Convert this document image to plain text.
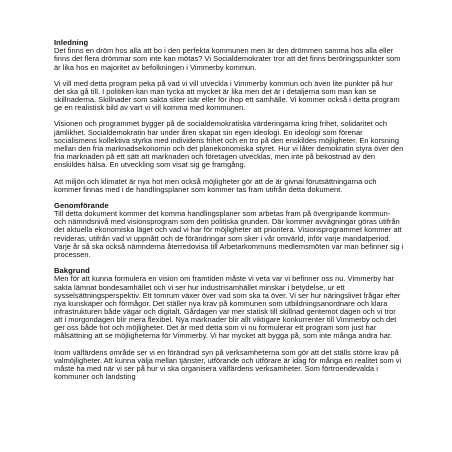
Inledning

Det finns en dröm hos alla att bo i den perfekta kommunen men är den drömmen samma hos alla eller finns det flera drömmar som inte kan mötas? Vi Socialdemokrater tror att det finns beröringspunkter som är lika hos en majoritet av befolkningen i Vimmerby kommun.

Vi vill med detta program peka på vad vi vill utveckla i Vimmerby kommun och även lite punkter på hur det ska gå till. I politiken kan man tycka att mycket är lika men det är i detaljerna som man kan se skillnaderna. Skillnader som sakta sliter isär eller för ihop ett samhälle. Vi kommer också i detta program ge en realistisk bild av vart vi vill komma med kommunen.

Visionen och programmet bygger på de socialdemokratiska värderingarna kring frihet, solidaritet och jämlikhet. Socialdemokratin har under åren skapat sin egen ideologi. En ideologi som förenar socialismens kollektiva styrka med individens frihet och en tro på den enskildes möjligheter. En korsning mellan den fria marknadsekonomin och det planekonomiska styret. Hur vi låter demokratin styra över den fria marknaden på ett sätt att marknaden och företagen utvecklas, men inte på bekostnad av den enskildes hälsa. En utveckling som visat sig ge framgång.

Att miljön och klimatet är nya hot men också möjligheter gör att de är givnai förutsättningarna och kommer finnas med i de handlingsplaner som kommer tas fram utifrån detta dokument.

Genomförande

Till detta dokument kommer det komma handlingsplaner som arbetas fram på övergripande kommun- och nämndsnivå med visionsprogram som den politiska grunden. Där kommer avvägningar göras utifrån det aktuella ekonomiska läget och vad vi har för möjligheter att prioritera. Visionsprogrammet kommer att revideras, utifrån vad vi uppnått och de förändringar som sker i vår omvärld, inför varje mandatperiod. Varje år så ska också nämnderna återredovisa till Arbetarkommuns medlemsmöten var man befinner sig i processen.

Bakgrund

Men för att kunna formulera en vision om framtiden måste vi veta var vi befinner oss nu. Vimmerby har sakta lämnat bondesamhället och vi ser hur industrisamhället minskar i betydelse, ur ett sysselsättningsperspektiv. Ett tomrum växer över vad som ska ta över. Vi ser hur näringslivet frågar efter nya kunskaper och förmågor. Det ställer nya krav på kommunen som utbildningsanordnare och klara infrastrukturen både vägar och digitalt. Gårdagen var mer statisk till skillnad gentemot dagen och vi tror att i morgondagen blir mera flexibel. Nya marknader blir allt viktigare konkurrenter till Vimmerby och det ger oss både hot och möjligheter. Det är med detta som vi nu formulerar ett program som just har målsättning att se möjligheterna för Vimmerby. Vi har mycket att bygga på, som inte många andra har.

Inom välfärdens område ser vi en förändrad syn på verksamheterna som gör att det ställs större krav på valmöjligheter. Att kunna välja mellan tjänster, utförande och utförare är idag för många en realitet som vi måste ha med när vi ser på hur vi ska organisera välfärdens verksamheter. Som förtroendevalda i kommuner och landsting
